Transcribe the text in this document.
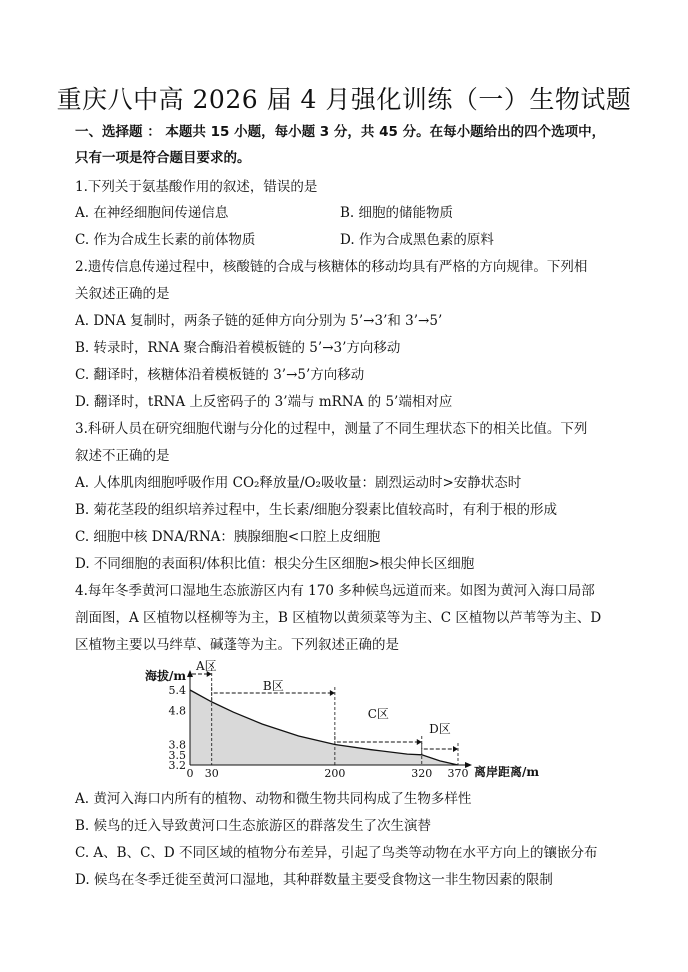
重庆八中高 2026 届 4 月强化训练（一）生物试题
一、选择题 ： 本题共 15 小题，每小题 3 分，共 45 分。在每小题给出的四个选项中，
只有一项是符合题目要求的。
1.下列关于氨基酸作用的叙述，错误的是
A. 在神经细胞间传递信息	B. 细胞的储能物质
C. 作为合成生长素的前体物质	D. 作为合成黑色素的原料
2.遗传信息传递过程中，核酸链的合成与核糖体的移动均具有严格的方向规律。下列相
关叙述正确的是
A. DNA 复制时，两条子链的延伸方向分别为 5’→3’和 3’→5’
B. 转录时，RNA 聚合酶沿着模板链的 5’→3’方向移动
C. 翻译时，核糖体沿着模板链的 3’→5’方向移动
D. 翻译时，tRNA 上反密码子的 3’端与 mRNA 的 5’端相对应
3.科研人员在研究细胞代谢与分化的过程中，测量了不同生理状态下的相关比值。下列
叙述不正确的是
A. 人体肌肉细胞呼吸作用 CO₂释放量/O₂吸收量：剧烈运动时>安静状态时
B. 菊花茎段的组织培养过程中，生长素/细胞分裂素比值较高时，有利于根的形成
C. 细胞中核 DNA/RNA：胰腺细胞<口腔上皮细胞
D. 不同细胞的表面积/体积比值：根尖分生区细胞>根尖伸长区细胞
4.每年冬季黄河口湿地生态旅游区内有 170 多种候鸟远道而来。如图为黄河入海口局部
剖面图，A 区植物以柽柳等为主，B 区植物以黄须菜等为主、C 区植物以芦苇等为主、D
区植物主要以马绊草、碱蓬等为主。下列叙述正确的是
海拔/m
离岸距离/m
5.4
4.8
3.8
3.5
3.2
0 30	200	320 370
A区
B区
C区
D区
A. 黄河入海口内所有的植物、动物和微生物共同构成了生物多样性
B. 候鸟的迁入导致黄河口生态旅游区的群落发生了次生演替
C. A、B、C、D 不同区域的植物分布差异，引起了鸟类等动物在水平方向上的镶嵌分布
D. 候鸟在冬季迁徙至黄河口湿地，其种群数量主要受食物这一非生物因素的限制
